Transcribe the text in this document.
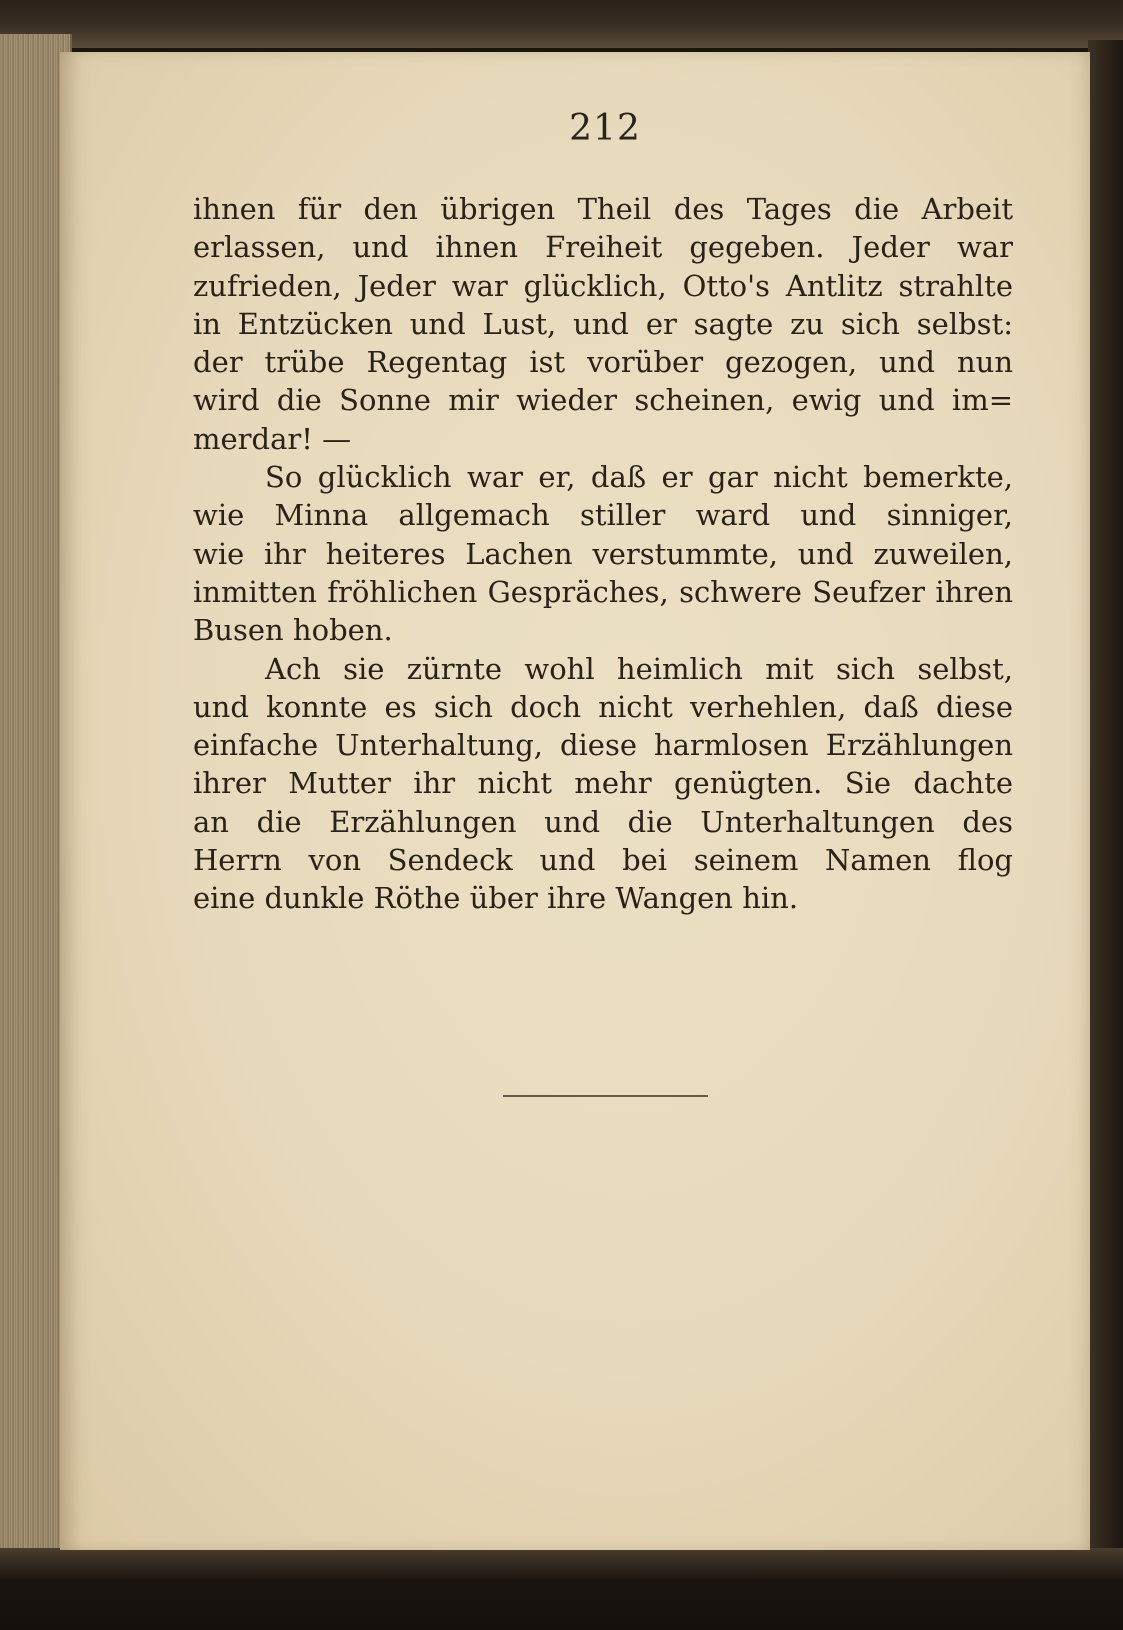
212
ihnen für den übrigen Theil des Tages die Arbeit
erlassen, und ihnen Freiheit gegeben. Jeder war
zufrieden, Jeder war glücklich, Otto's Antlitz strahlte
in Entzücken und Lust, und er sagte zu sich selbst:
der trübe Regentag ist vorüber gezogen, und nun
wird die Sonne mir wieder scheinen, ewig und im=
merdar! —
So glücklich war er, daß er gar nicht bemerkte,
wie Minna allgemach stiller ward und sinniger,
wie ihr heiteres Lachen verstummte, und zuweilen,
inmitten fröhlichen Gespräches, schwere Seufzer ihren
Busen hoben.
Ach sie zürnte wohl heimlich mit sich selbst,
und konnte es sich doch nicht verhehlen, daß diese
einfache Unterhaltung, diese harmlosen Erzählungen
ihrer Mutter ihr nicht mehr genügten. Sie dachte
an die Erzählungen und die Unterhaltungen des
Herrn von Sendeck und bei seinem Namen flog
eine dunkle Röthe über ihre Wangen hin.
